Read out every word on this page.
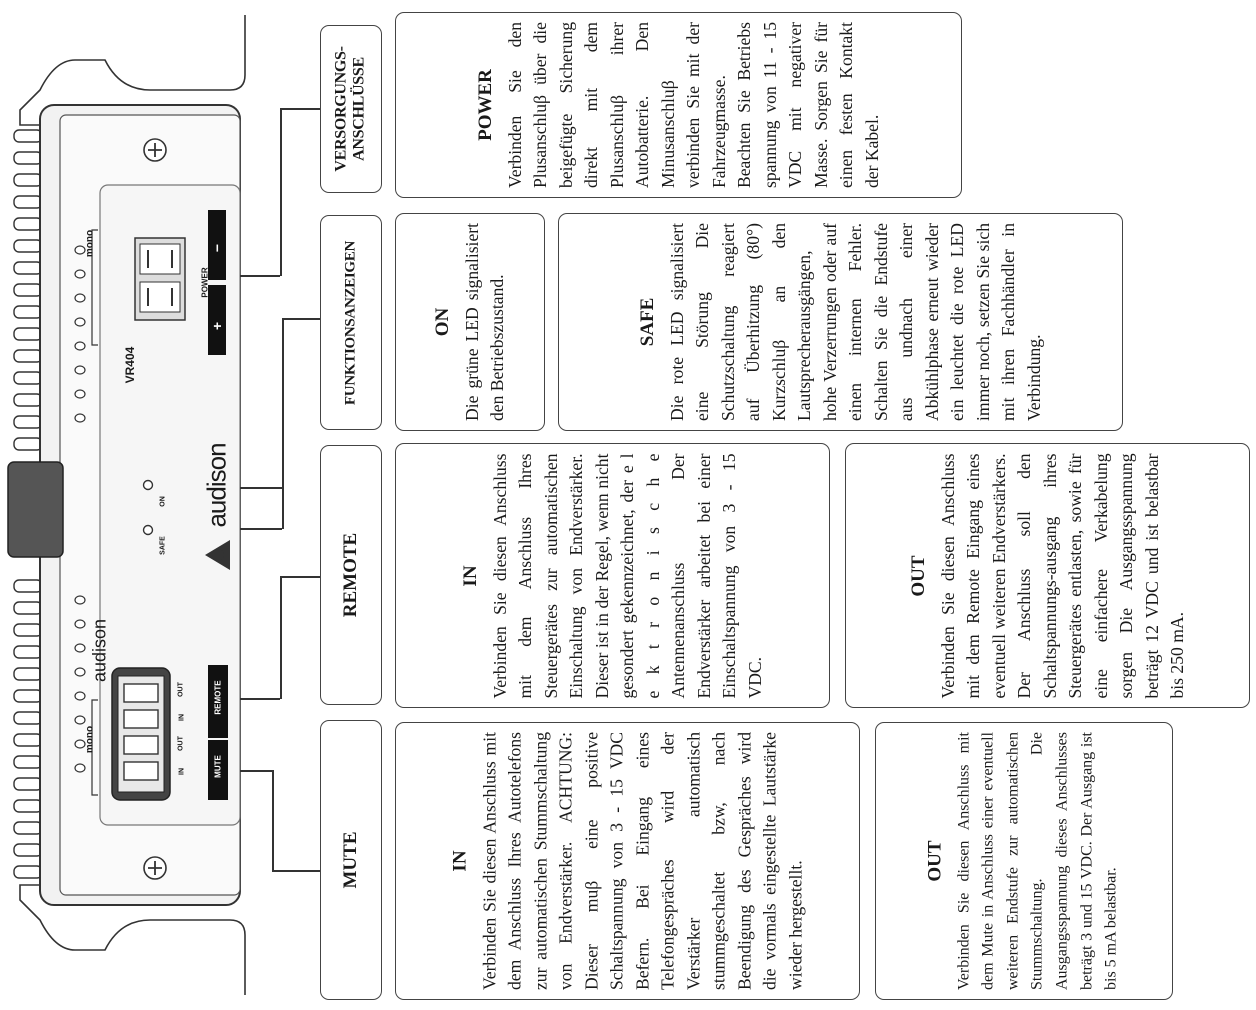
VR404
mono
mono
audison
audison
POWER
+
−
SAFE
ON
REMOTE
MUTE
IN
OUT
IN
OUT
VERSORGUNGS-
ANSCHLÜSSE
FUNKTIONSANZEIGEN
REMOTE
MUTE
POWER Verbinden Sie den Plusanschluβ über die beigefügte Sicherung direkt mit dem Plusanschluβ ihrer Autobatterie. Den Minusanschluβ verbinden Sie mit der Fahrzeugmasse. Beachten Sie Betriebs spannung von 11 - 15 VDC mit negativer Masse. Sorgen Sie für einen festen Kontakt der Kabel.

ON Die grüne LED signalisiert den Betriebszustand.	SAFE Die rote LED signalisiert eine Störung Die Schutzschaltung reagiert auf Überhitzung (80°) Kurzschluβ an den Lautsprecherausgängen, hohe Verzerrungen oder auf einen internen Fehler. Schalten Sie die Endstufe aus undnach einer Abkühlphase erneut wieder ein leuchtet die rote LED immer noch, setzen Sie sich mit ihren Fachhändler in Verbindung.

IN Verbinden Sie diesen Anschluss mit dem Anschluss Ihres Steuergerätes zur automatischen Einschaltung von Endverstärker. Dieser ist in der Regel, wenn nicht gesondert gekennzeichnet, der e l e k t r o n i s c h e Antennenanschluss Der Endverstärker arbeitet bei einer Einschaltspannung von 3 - 15 VDC.

OUT Verbinden Sie diesen Anschluss mit dem Remote Eingang eines eventuell weiteren Endverstärkers. Der Anschluss soll den Schaltspannungs-ausgang ihres Steuergerätes entlasten, sowie für eine einfachere Verkabelung sorgen Die Ausgangsspannung beträgt 12 VDC und ist belastbar bis 250 mA.

IN Verbinden Sie diesen Anschluss mit dem Anschluss Ihres Autotelefons zur automatischen Stummschaltung von Endverstärker. ACHTUNG: Dieser muβ eine positive Schaltspannung von 3 - 15 VDC Befern. Bei Eingang eines Telefongespräches wird der Verstärker automatisch stummgeschaltet bzw, nach Beendigung des Gespräches wird die vormals eingestellte Lautstärke wieder hergestellt.	OUT Verbinden Sie diesen Anschluss mit dem Mute in Anschluss einer eventuell weiteren Endstufe zur automatischen Stummschaltung. Die Ausgangsspannung dieses Anschlusses beträgt 3 und 15 VDC. Der Ausgang ist bis 5 mA belastbar.
